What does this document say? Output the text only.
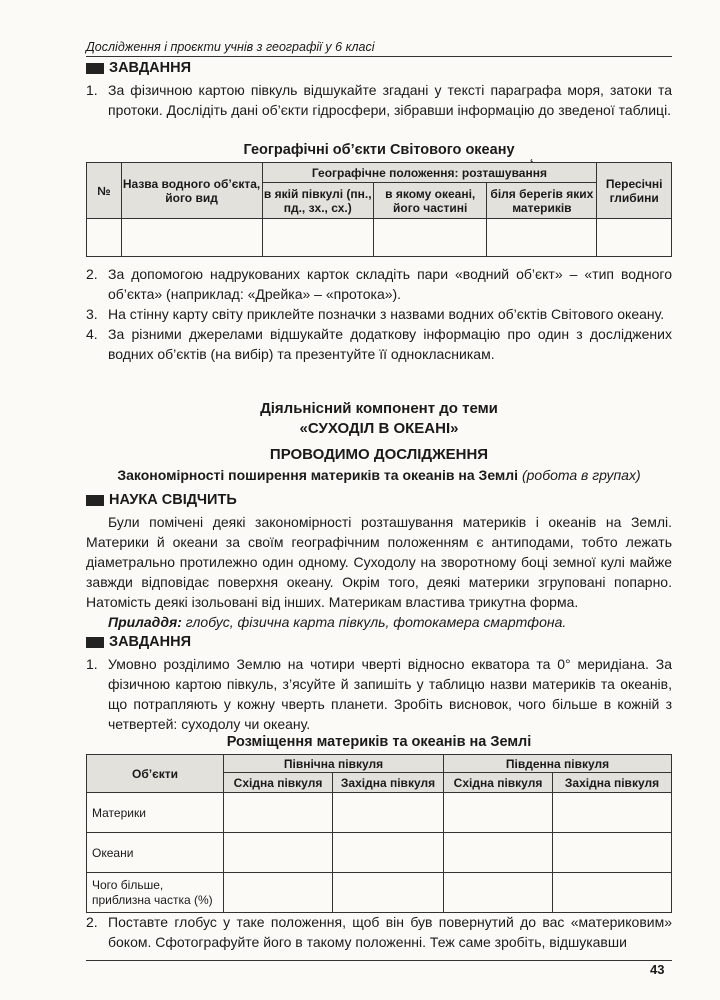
Дослідження і проєкти учнів з географії у 6 класі
ЗАВДАННЯ
1. За фізичною картою півкуль відшукайте згадані у тексті параграфа моря, затоки та протоки. Дослідіть дані об’єкти гідросфери, зібравши інформацію до зведеної таблиці.
Географічні об’єкти Світового океану	˛
№	Назва водного об’єкта, його вид	Географічне положення: розташування			Пересічні глибини
		в якій півкулі (пн., пд., зх., сх.)	в якому океані, його частині	біля берегів яких материків	

2. За допомогою надрукованих карток складіть пари «водний об’єкт» – «тип водного об’єкта» (наприклад: «Дрейка» – «протока»).
3. На стінну карту світу приклейте позначки з назвами водних об’єктів Світового океану.
4. За різними джерелами відшукайте додаткову інформацію про один з досліджених водних об’єктів (на вибір) та презентуйте її однокласникам.
Діяльнісний компонент до теми
«СУХОДІЛ В ОКЕАНІ»
ПРОВОДИМО ДОСЛІДЖЕННЯ
Закономірності поширення материків та океанів на Землі (робота в групах)
НАУКА СВІДЧИТЬ
Були помічені деякі закономірності розташування материків і океанів на Землі. Материки й океани за своїм географічним положенням є антиподами, тобто лежать діаметрально протилежно один одному. Суходолу на зворотному боці земної кулі майже завжди відповідає поверхня океану. Окрім того, деякі материки згруповані попарно. Натомість деякі ізольовані від інших. Материкам властива трикутна форма.
Приладдя: глобус, фізична карта півкуль, фотокамера смартфона.
ЗАВДАННЯ
1. Умовно розділимо Землю на чотири чверті відносно екватора та 0° меридіана. За фізичною картою півкуль, з’ясуйте й запишіть у таблицю назви материків та океанів, що потрапляють у кожну чверть планети. Зробіть висновок, чого більше в кожній з четвертей: суходолу чи океану.
Розміщення материків та океанів на Землі
Об’єкти	Північна півкуля		Південна півкуля	
	Східна півкуля	Західна півкуля	Східна півкуля	Західна півкуля
Материки				
Океани				
Чого більше, приблизна частка (%)				
2. Поставте глобус у таке положення, щоб він був повернутий до вас «материковим» боком. Сфотографуйте його в такому положенні. Теж саме зробіть, відшукавши
43
